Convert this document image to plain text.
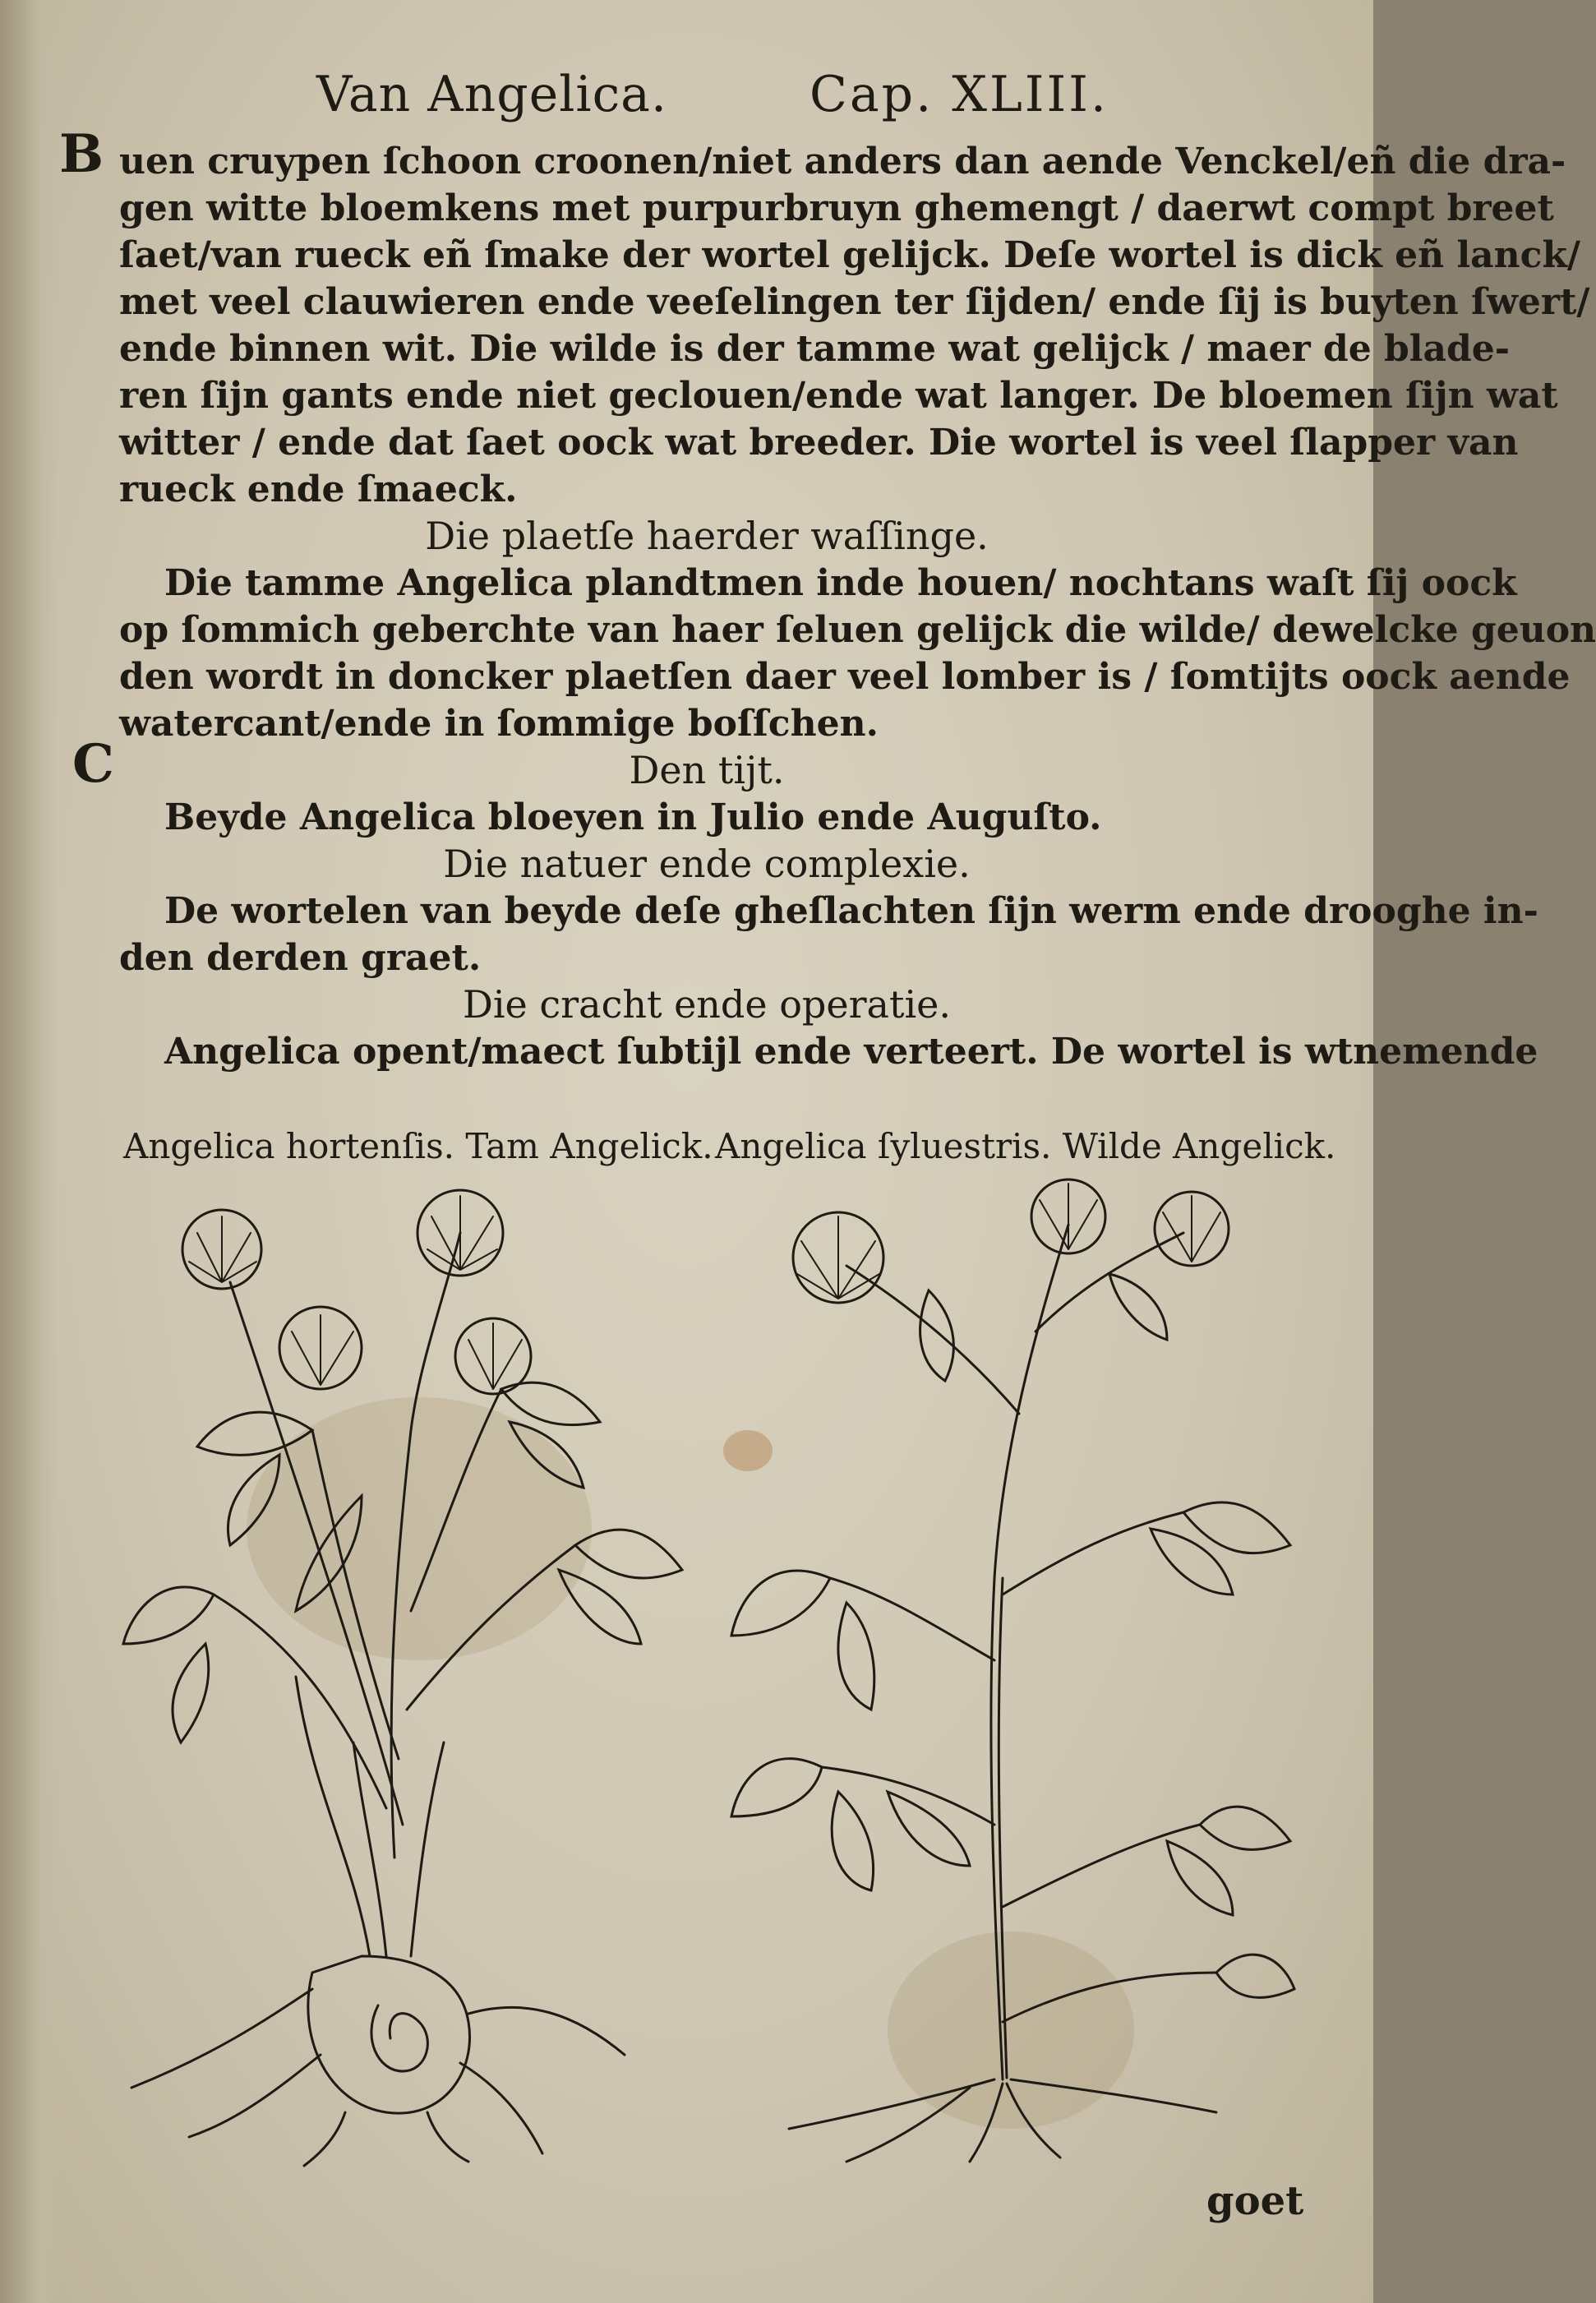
Van Angelica.	Cap. XLIII.
B
C
uen cruypen ſchoon croonen/niet anders dan aende Venckel/eñ die dra-
gen witte bloemkens met purpurbruyn ghemengt / daerwt compt breet
ſaet/van rueck eñ ſmake der wortel gelijck. Deſe wortel is dick eñ lanck/
met veel clauwieren ende veeſelingen ter ſijden/ ende ſij is buyten ſwert/
ende binnen wit. Die wilde is der tamme wat gelijck / maer de blade-
ren ſijn gants ende niet geclouen/ende wat langer. De bloemen ſijn wat
witter / ende dat ſaet oock wat breeder. Die wortel is veel ſlapper van
rueck ende ſmaeck.
Die plaetſe haerder waſſinge.
Die tamme Angelica plandtmen inde houen/ nochtans waſt ſij oock
op ſommich geberchte van haer ſeluen gelijck die wilde/ dewelcke geuon
den wordt in doncker plaetſen daer veel lomber is / ſomtijts oock aende
watercant/ende in ſommige boſſchen.
Den tijt.
Beyde Angelica bloeyen in Julio ende Auguſto.
Die natuer ende complexie.
De wortelen van beyde deſe gheſlachten ſijn werm ende drooghe in-
den derden graet.
Die cracht ende operatie.
Angelica opent/maect ſubtijl ende verteert. De wortel is wtnemende
Angelica hortenſis. Tam Angelick. Angelica ſyluestris. Wilde Angelick.
goet
